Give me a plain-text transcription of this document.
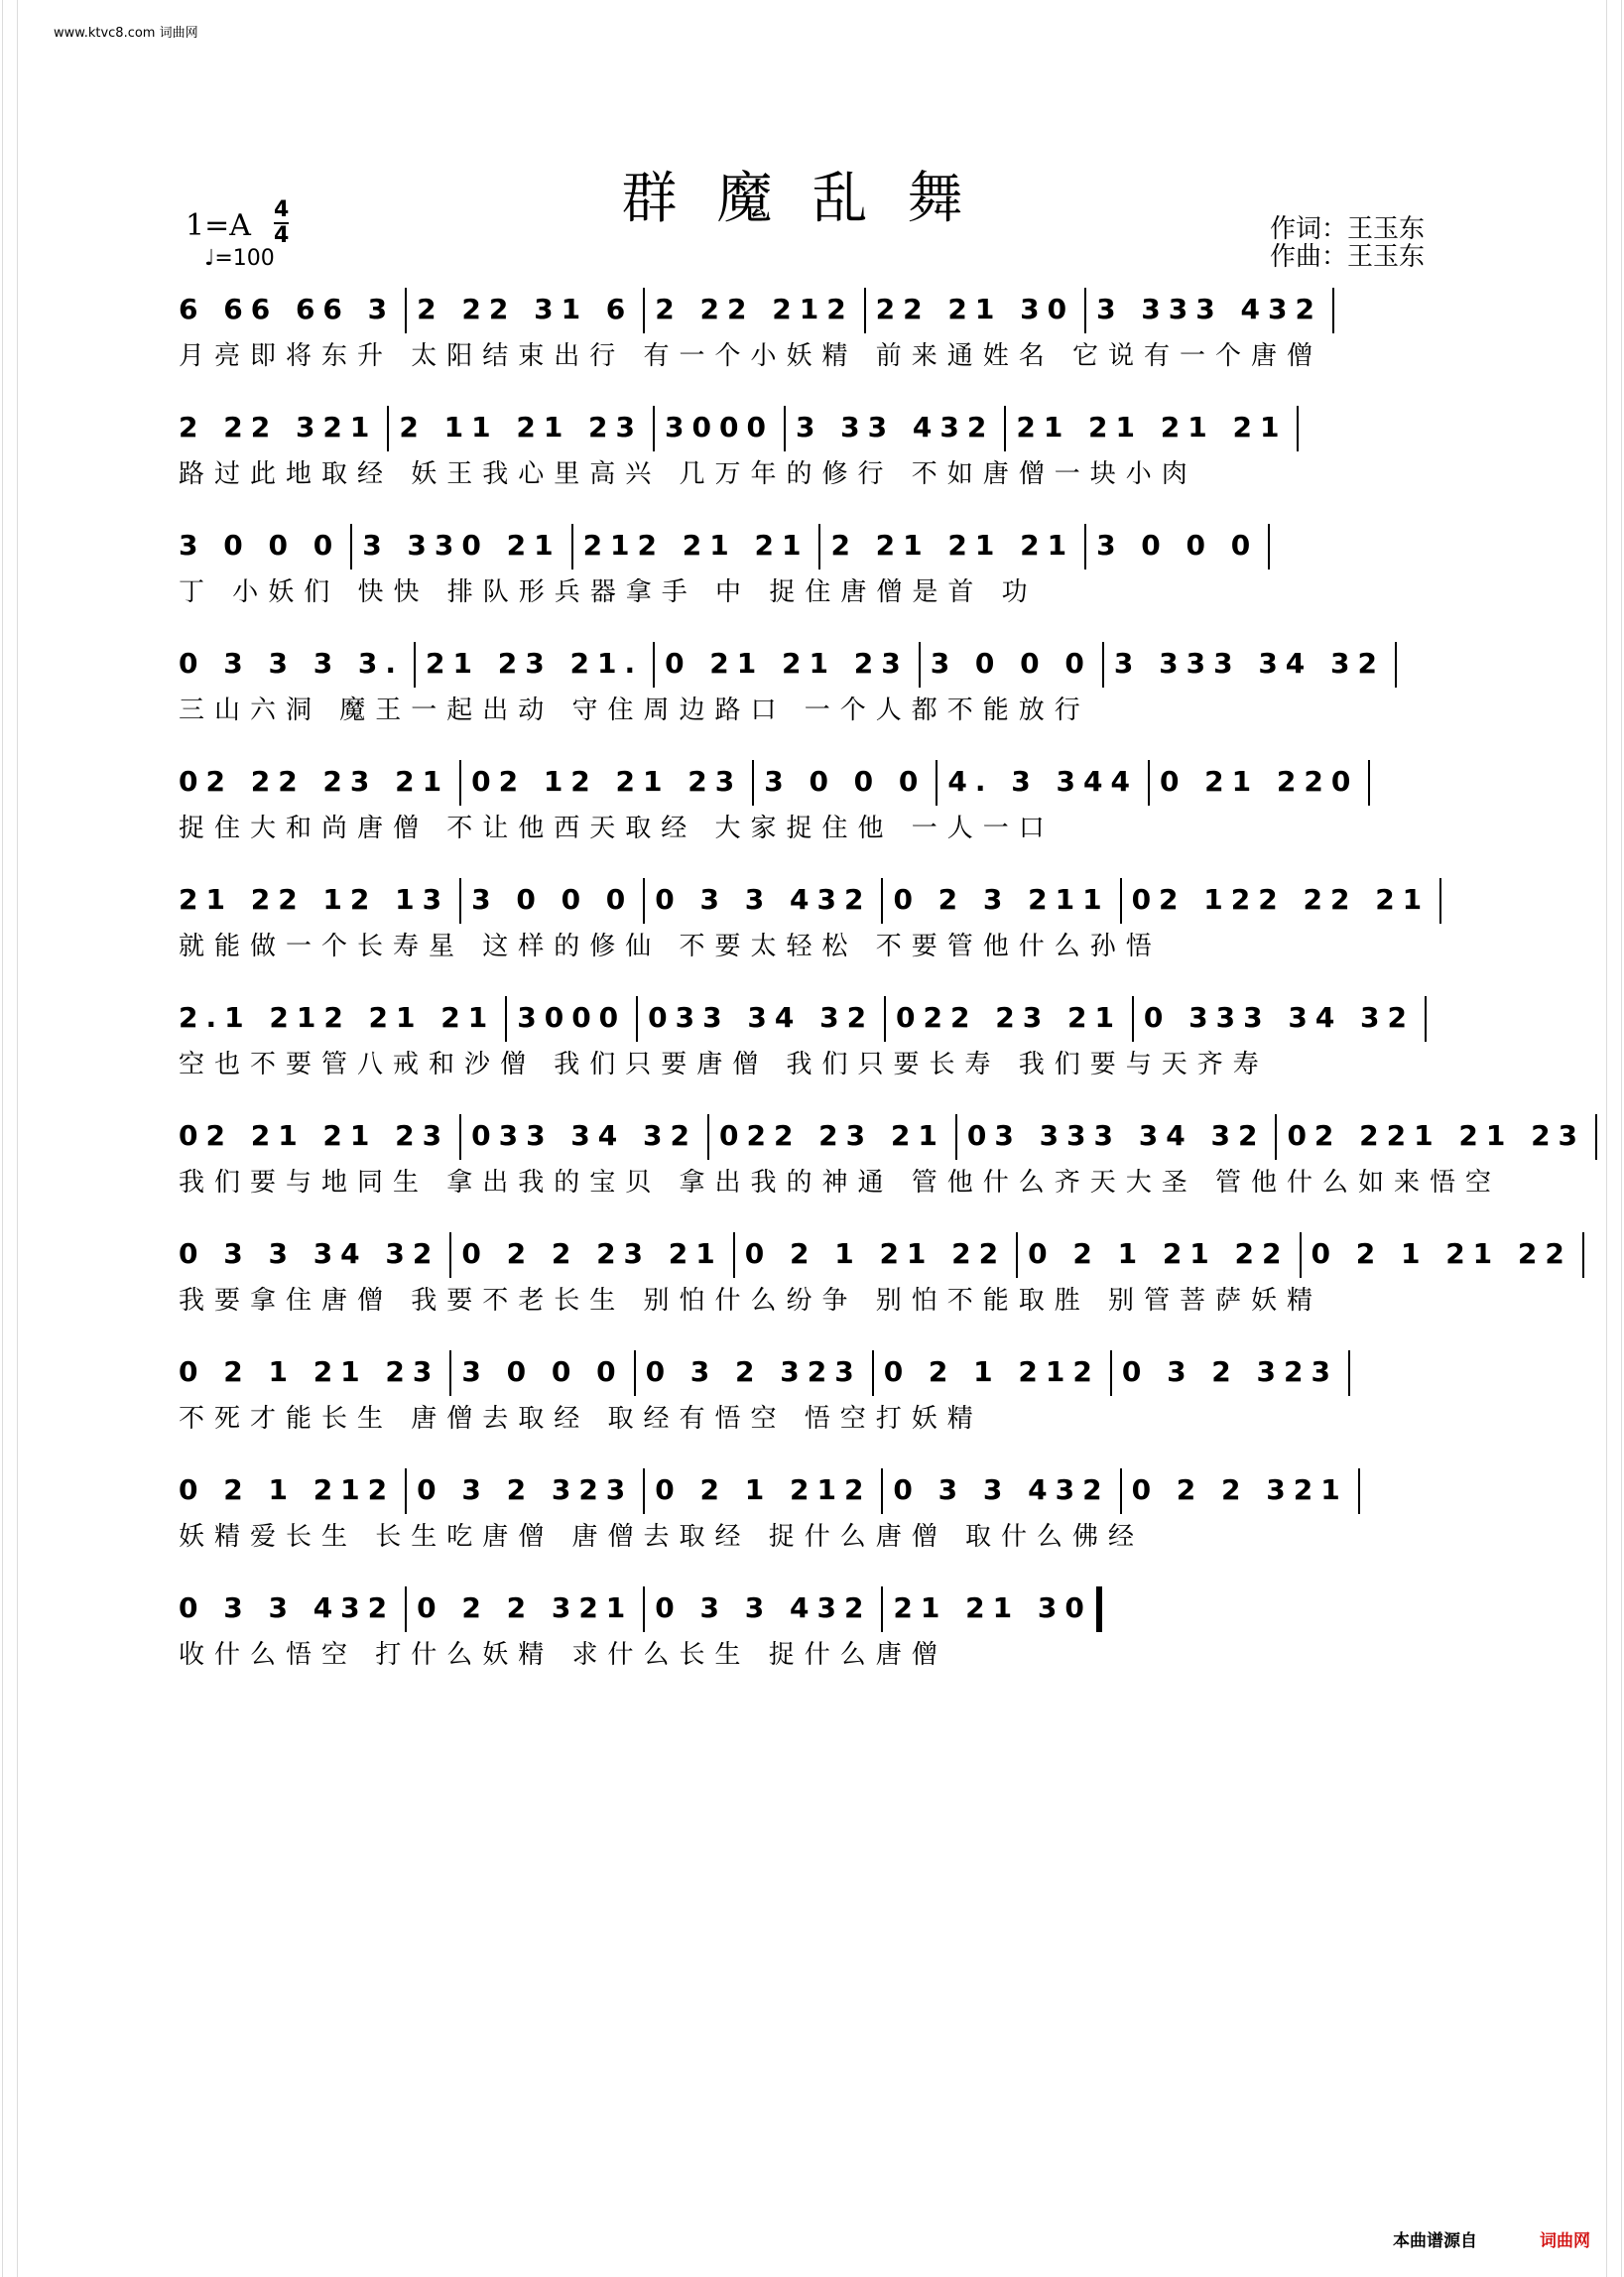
www.ktvc8.com 词曲网
群魔乱舞
$1=A \frac{4}{4}$
♩=100
作词：王玉东
作曲：王玉东
6 66 66 3 2 22 31 6 2 22 212 22 21 30 3 333 432
月亮即将东升 太阳结束出行 有一个小妖精 前来通姓名 它说有一个唐僧
2 22 321 2 11 21 23 3000 3 33 432 21 21 21 21
路过此地取经 妖王我心里高兴 几万年的修行 不如唐僧一块小肉
3 0 0 0 3 330 21 212 21 21 2 21 21 21 3 0 0 0
丁 小妖们 快快 排队形兵器拿手 中 捉住唐僧是首 功
0 3 3 3 3. 21 23 21. 0 21 21 23 3 0 0 0 3 333 34 32
三山六洞 魔王一起出动 守住周边路口 一个人都不能放行
02 22 23 21 02 12 21 23 3 0 0 0 4. 3 344 0 21 220
捉住大和尚唐僧 不让他西天取经 大家捉住他 一人一口
21 22 12 13 3 0 0 0 0 3 3 432 0 2 3 211 02 122 22 21
就能做一个长寿星 这样的修仙 不要太轻松 不要管他什么孙悟
2.1 212 21 21 3000 033 34 32 022 23 21 0 333 34 32
空也不要管八戒和沙僧 我们只要唐僧 我们只要长寿 我们要与天齐寿
02 21 21 23 033 34 32 022 23 21 03 333 34 32 02 221 21 23
我们要与地同生 拿出我的宝贝 拿出我的神通 管他什么齐天大圣 管他什么如来悟空
0 3 3 34 32 0 2 2 23 21 0 2 1 21 22 0 2 1 21 22 0 2 1 21 22
我要拿住唐僧 我要不老长生 别怕什么纷争 别怕不能取胜 别管菩萨妖精
0 2 1 21 23 3 0 0 0 0 3 2 323 0 2 1 212 0 3 2 323
不死才能长生 唐僧去取经 取经有悟空 悟空打妖精
0 2 1 212 0 3 2 323 0 2 1 212 0 3 3 432 0 2 2 321
妖精爱长生 长生吃唐僧 唐僧去取经 捉什么唐僧 取什么佛经
0 3 3 432 0 2 2 321 0 3 3 432 21 21 30
收什么悟空 打什么妖精 求什么长生 捉什么唐僧
本曲谱源自	词曲网
